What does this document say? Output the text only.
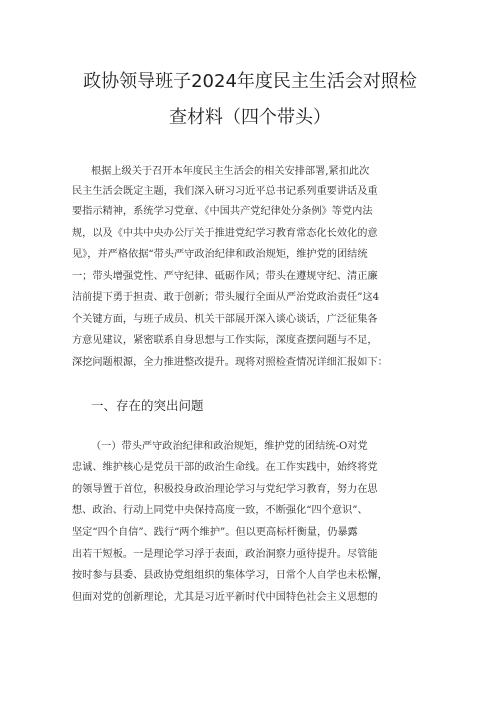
政协领导班子2024年度民主生活会对照检
查材料（四个带头）
根据上级关于召开本年度民主生活会的相关安排部署,紧扣此次
民主生活会既定主题，我们深入研习习近平总书记系列重要讲话及重
要指示精神，系统学习党章、《中国共产党纪律处分条例》等党内法
规，以及《中共中央办公厅关于推进党纪学习教育常态化长效化的意
见》，并严格依据“带头严守政治纪律和政治规矩，维护党的团结统
一；带头增强党性、严守纪律、砥砺作风；带头在遵规守纪、清正廉
洁前提下勇于担责、敢于创新；带头履行全面从严治党政治责任”这4
个关键方面，与班子成员、机关干部展开深入谈心谈话，广泛征集各
方意见建议，紧密联系自身思想与工作实际，深度查摆问题与不足，
深挖问题根源，全力推进整改提升。现将对照检查情况详细汇报如下：
一、存在的突出问题
（一）带头严守政治纪律和政治规矩，维护党的团结统-O对党
忠诚、维护核心是党员干部的政治生命线。在工作实践中，始终将党
的领导置于首位，积极投身政治理论学习与党纪学习教育，努力在思
想、政治、行动上同党中央保持高度一致，不断强化“四个意识”、
坚定“四个自信”、践行“两个维护”。但以更高标杆衡量，仍暴露
出若干短板。一是理论学习浮于表面，政治洞察力亟待提升。尽管能
按时参与县委、县政协党组组织的集体学习，日常个人自学也未松懈，
但面对党的创新理论，尤其是习近平新时代中国特色社会主义思想的
